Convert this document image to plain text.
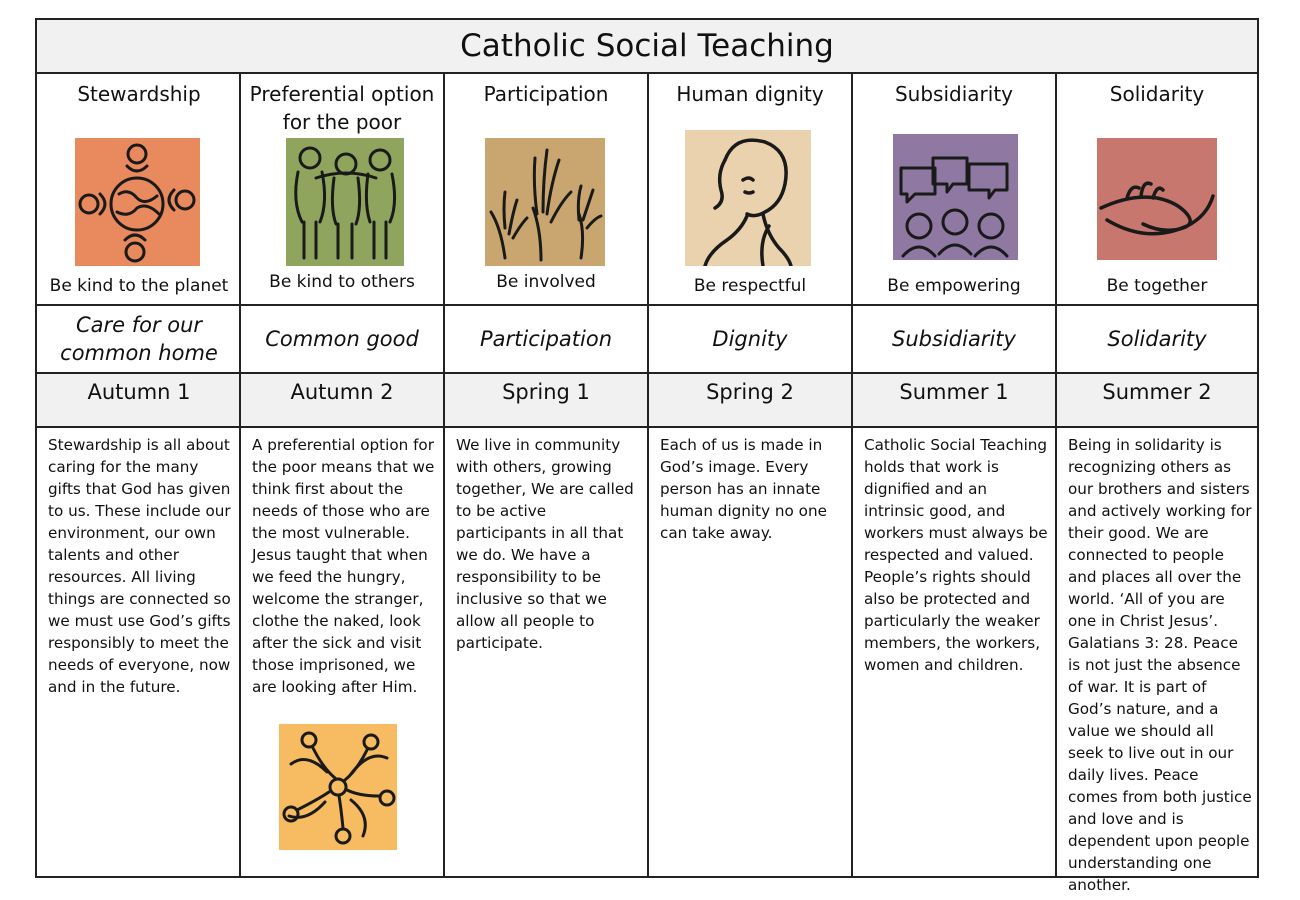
Catholic Social Teaching
Stewardship
Be kind to the planet
Care for our common home
Autumn 1

Stewardship is all about caring for the many gifts that God has given to us. These include our environment, our own talents and other resources. All living things are connected so we must use God’s gifts responsibly to meet the needs of everyone, now and in the future.

Preferential option for the poor
Be kind to others
Common good
Autumn 2

A preferential option for the poor means that we think first about the needs of those who are the most vulnerable. Jesus taught that when we feed the hungry, welcome the stranger, clothe the naked, look after the sick and visit those imprisoned, we are looking after Him.

Participation
Be involved
Participation
Spring 1

We live in community with others, growing together, We are called to be active participants in all that we do. We have a responsibility to be inclusive so that we allow all people to participate.

Human dignity
Be respectful
Dignity
Spring 2

Each of us is made in God’s image. Every person has an innate human dignity no one can take away.

Subsidiarity
Be empowering
Subsidiarity
Summer 1

Catholic Social Teaching holds that work is dignified and an intrinsic good, and workers must always be respected and valued. People’s rights should also be protected and particularly the weaker members, the workers, women and children.

Solidarity
Be together
Solidarity
Summer 2

Being in solidarity is recognizing others as our brothers and sisters and actively working for their good. We are connected to people and places all over the world. ‘All of you are one in Christ Jesus’. Galatians 3: 28. Peace is not just the absence of war. It is part of God’s nature, and a value we should all seek to live out in our daily lives. Peace comes from both justice and love and is dependent upon people understanding one another.
